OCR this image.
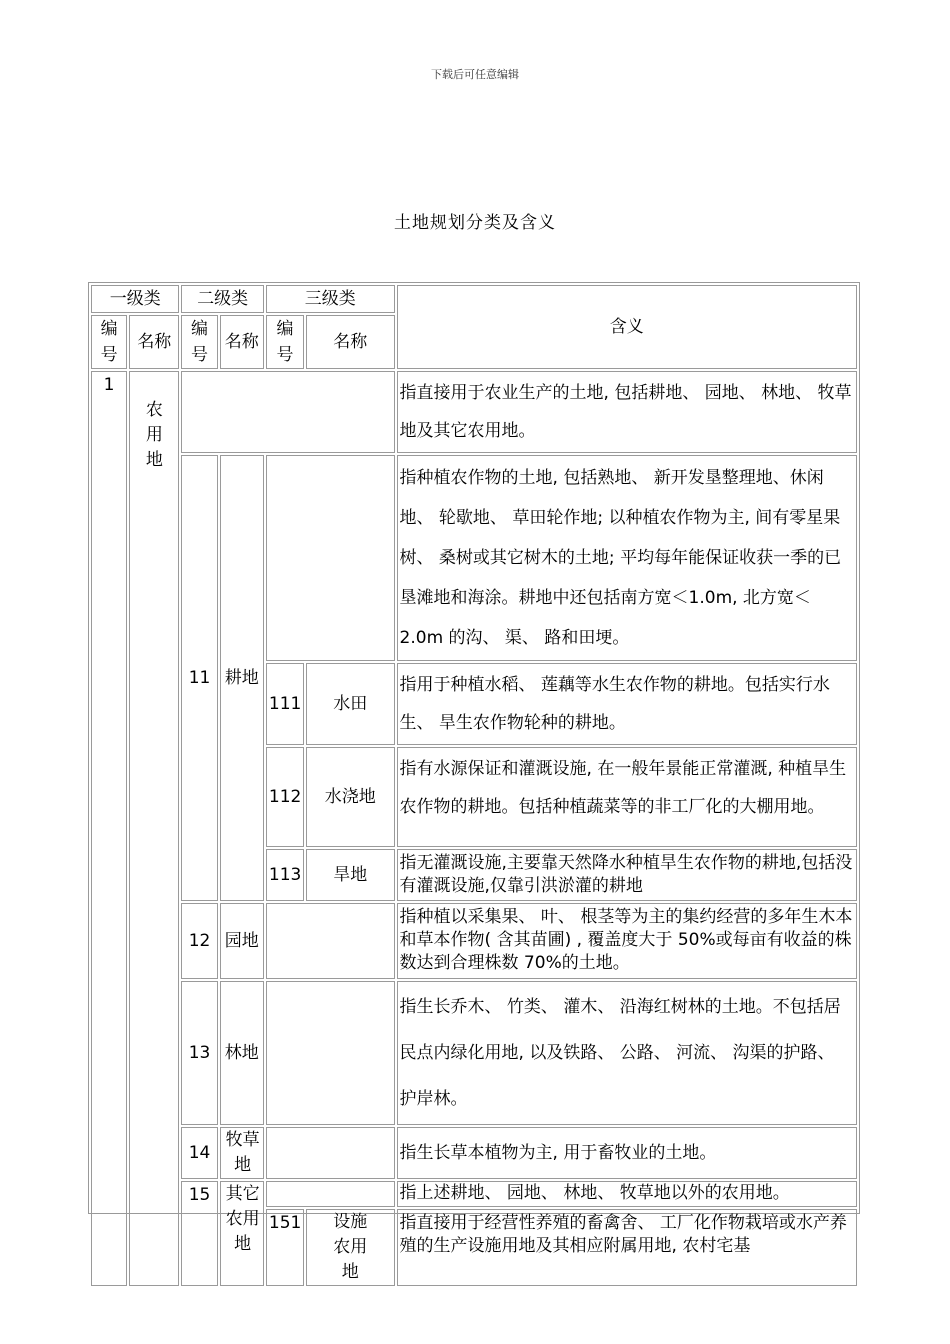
下载后可任意编辑
土地规划分类及含义
一级类		二级类		三级类		含义
编号	名称	编号	名称	编号	名称	
1	农用地					指直接用于农业生产的土地, 包括耕地、 园地、 林地、 牧草地及其它农用地。
		11	耕地			指种植农作物的土地, 包括熟地、 新开发垦整理地、休闲地、 轮歇地、 草田轮作地; 以种植农作物为主, 间有零星果树、 桑树或其它树木的土地; 平均每年能保证收获一季的已垦滩地和海涂。耕地中还包括南方宽＜1.0m, 北方宽＜2.0m 的沟、 渠、 路和田埂。
				111	水田	指用于种植水稻、 莲藕等水生农作物的耕地。包括实行水生、 旱生农作物轮种的耕地。
				112	水浇地	指有水源保证和灌溉设施, 在一般年景能正常灌溉, 种植旱生农作物的耕地。包括种植蔬菜等的非工厂化的大棚用地。
				113	旱地	指无灌溉设施,主要靠天然降水种植旱生农作物的耕地,包括没有灌溉设施,仅靠引洪淤灌的耕地
		12	园地			指种植以采集果、 叶、 根茎等为主的集约经营的多年生木本和草本作物( 含其苗圃) , 覆盖度大于 50%或每亩有收益的株数达到合理株数 70%的土地。
		13	林地			指生长乔木、 竹类、 灌木、 沿海红树林的土地。不包括居民点内绿化用地, 以及铁路、 公路、 河流、 沟渠的护路、 护岸林。
		14	牧草地			指生长草本植物为主, 用于畜牧业的土地。
		15	其它农用地			指上述耕地、 园地、 林地、 牧草地以外的农用地。
				151	设施农用地	指直接用于经营性养殖的畜禽舍、 工厂化作物栽培或水产养殖的生产设施用地及其相应附属用地, 农村宅基
